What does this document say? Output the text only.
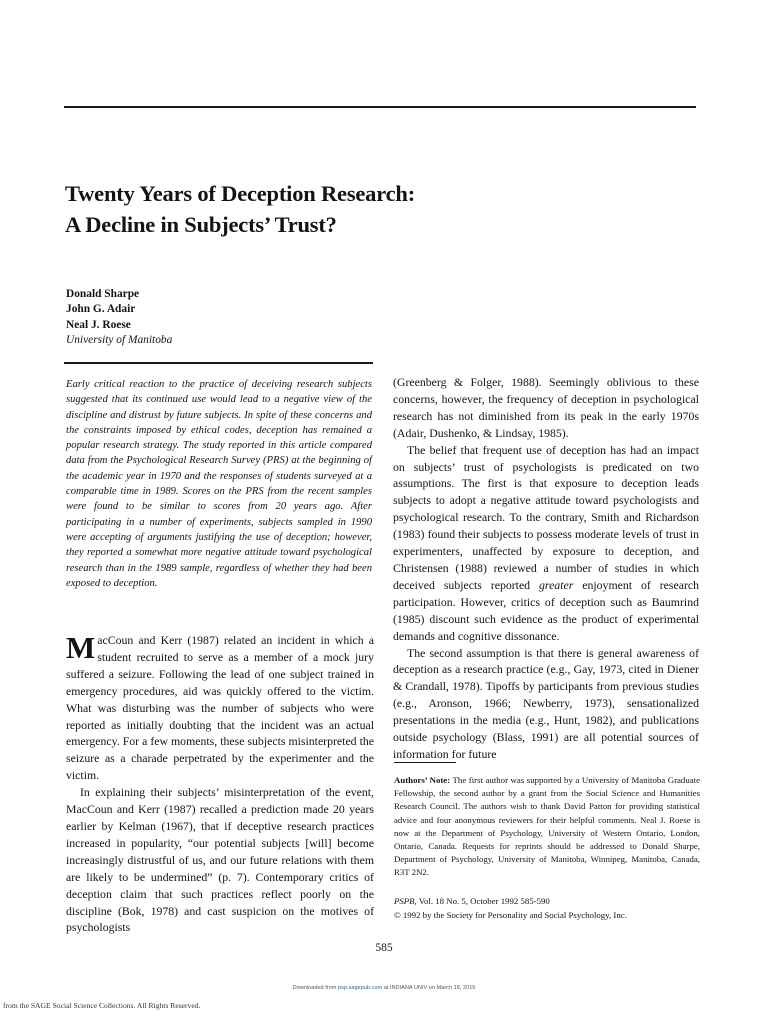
Twenty Years of Deception Research:
A Decline in Subjects’ Trust?
Donald Sharpe
John G. Adair
Neal J. Roese
University of Manitoba

Early critical reaction to the practice of deceiving research subjects suggested that its continued use would lead to a negative view of the discipline and distrust by future subjects. In spite of these concerns and the constraints imposed by ethical codes, deception has remained a popular research strategy. The study reported in this article compared data from the Psychological Research Survey (PRS) at the beginning of the academic year in 1970 and the responses of students surveyed at a comparable time in 1989. Scores on the PRS from the recent samples were found to be similar to scores from 20 years ago. After participating in a number of experiments, subjects sampled in 1990 were accepting of arguments justifying the use of deception; however, they reported a somewhat more negative attitude toward psychological research than in the 1989 sample, regardless of whether they had been exposed to deception.

MacCoun and Kerr (1987) related an incident in which a student recruited to serve as a member of a mock jury suffered a seizure. Following the lead of one subject trained in emergency procedures, aid was quickly offered to the victim. What was disturbing was the number of subjects who were reported as initially doubting that the incident was an actual emergency. For a few moments, these subjects misinterpreted the seizure as a charade perpetrated by the experimenter and the victim.

In explaining their subjects’ misinterpretation of the event, MacCoun and Kerr (1987) recalled a prediction made 20 years earlier by Kelman (1967), that if deceptive research practices increased in popularity, “our potential subjects [will] become increasingly distrustful of us, and our future relations with them are likely to be undermined” (p. 7). Contemporary critics of deception claim that such practices reflect poorly on the discipline (Bok, 1978) and cast suspicion on the motives of psychologists

(Greenberg & Folger, 1988). Seemingly oblivious to these concerns, however, the frequency of deception in psychological research has not diminished from its peak in the early 1970s (Adair, Dushenko, & Lindsay, 1985).

The belief that frequent use of deception has had an impact on subjects’ trust of psychologists is predicated on two assumptions. The first is that exposure to deception leads subjects to adopt a negative attitude toward psychologists and psychological research. To the contrary, Smith and Richardson (1983) found their subjects to possess moderate levels of trust in experimenters, unaffected by exposure to deception, and Christensen (1988) reviewed a number of studies in which deceived subjects reported greater enjoyment of research participation. However, critics of deception such as Baumrind (1985) discount such evidence as the product of experimental demands and cognitive dissonance.

The second assumption is that there is general awareness of deception as a research practice (e.g., Gay, 1973, cited in Diener & Crandall, 1978). Tipoffs by participants from previous studies (e.g., Aronson, 1966; Newberry, 1973), sensationalized presentations in the media (e.g., Hunt, 1982), and publications outside psychology (Blass, 1991) are all potential sources of information for future

Authors’ Note: The first author was supported by a University of Manitoba Graduate Fellowship, the second author by a grant from the Social Science and Humanities Research Council. The authors wish to thank David Patton for providing statistical advice and four anonymous reviewers for their helpful comments. Neal J. Roese is now at the Department of Psychology, University of Western Ontario, London, Ontario, Canada. Requests for reprints should be addressed to Donald Sharpe, Department of Psychology, University of Manitoba, Winnipeg, Manitoba, Canada, R3T 2N2.

PSPB, Vol. 18 No. 5, October 1992 585-590
© 1992 by the Society for Personality and Social Psychology, Inc.
585
Downloaded from psp.sagepub.com at INDIANA UNIV on March 18, 2015
from the SAGE Social Science Collections. All Rights Reserved.
